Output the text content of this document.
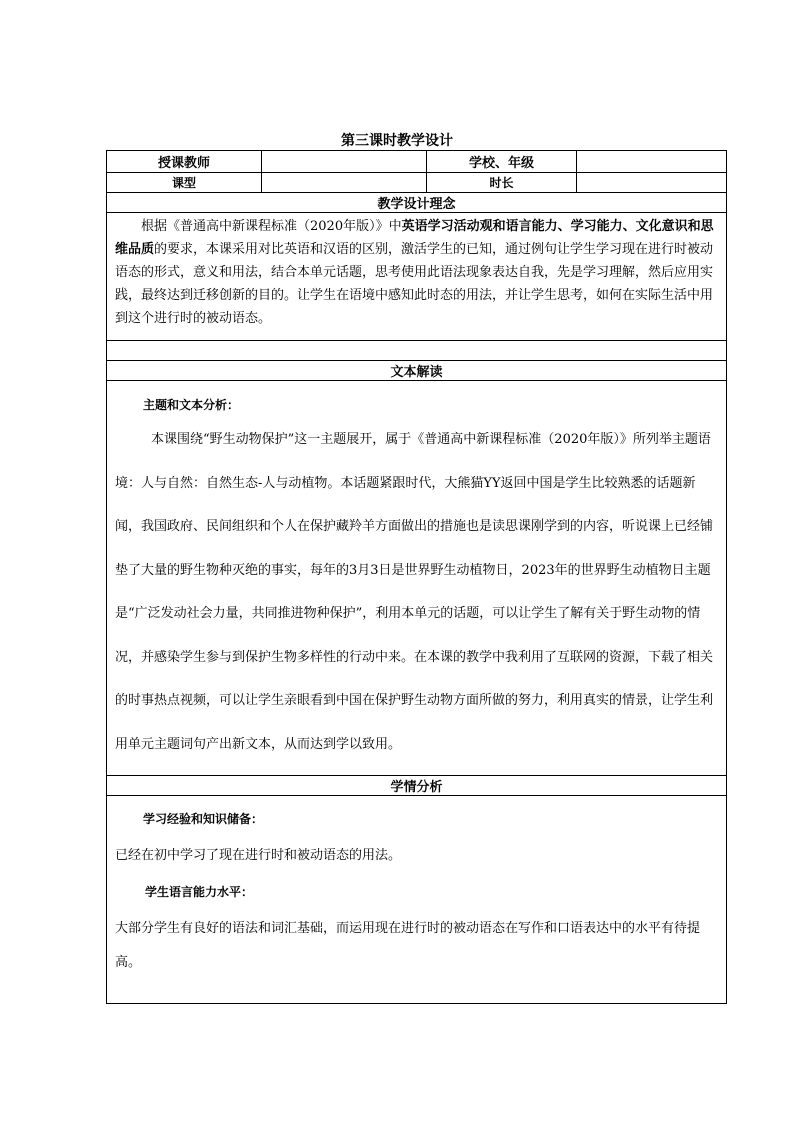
第三课时教学设计
授课教师		学校、年级	
课型		时长	
教学设计理念			
根据《普通高中新课程标准（2020年版）》中英语学习活动观和语言能力、学习能力、文化意识和思维品质的要求，本课采用对比英语和汉语的区别，激活学生的已知，通过例句让学生学习现在进行时被动语态的形式，意义和用法，结合本单元话题，思考使用此语法现象表达自我，先是学习理解，然后应用实践，最终达到迁移创新的目的。让学生在语境中感知此时态的用法，并让学生思考，如何在实际生活中用到这个进行时的被动语态。			

文本解读			

主题和文本分析：
本课围绕“野生动物保护”这一主题展开，属于《普通高中新课程标准（2020年版）》所列举主题语境：人与自然：自然生态-人与动植物。本话题紧跟时代，大熊猫YY返回中国是学生比较熟悉的话题新闻，我国政府、民间组织和个人在保护藏羚羊方面做出的措施也是读思课刚学到的内容，听说课上已经铺垫了大量的野生物种灭绝的事实，每年的3月3日是世界野生动植物日，2023年的世界野生动植物日主题是“广泛发动社会力量，共同推进物种保护”，利用本单元的话题，可以让学生了解有关于野生动物的情况，并感染学生参与到保护生物多样性的行动中来。在本课的教学中我利用了互联网的资源，下载了相关的时事热点视频，可以让学生亲眼看到中国在保护野生动物方面所做的努力，利用真实的情景，让学生利用单元主题词句产出新文本，从而达到学以致用。			

学情分析			

学习经验和知识储备：
已经在初中学习了现在进行时和被动语态的用法。
学生语言能力水平：
大部分学生有良好的语法和词汇基础，而运用现在进行时的被动语态在写作和口语表达中的水平有待提高。			
